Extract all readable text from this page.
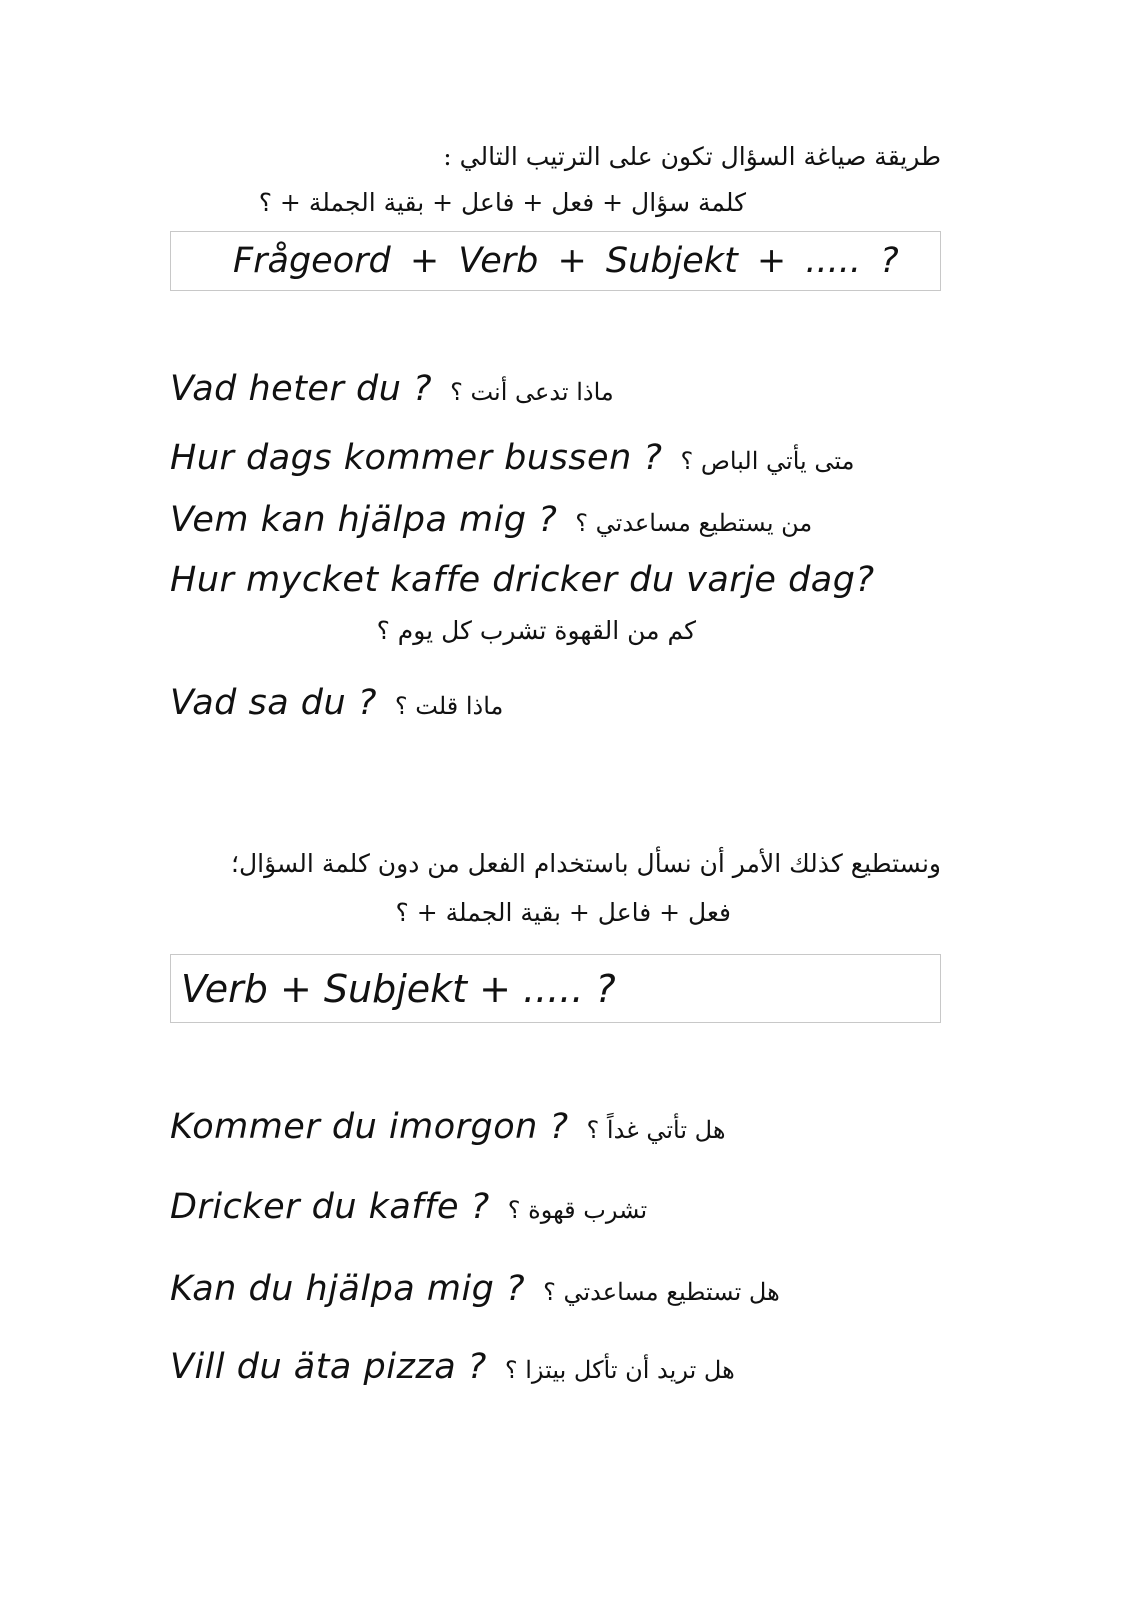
طريقة صياغة السؤال تكون على الترتيب التالي :
كلمة سؤال + فعل + فاعل + بقية الجملة + ؟
Frågeord + Verb + Subjekt + ..... ?
Vad heter du ? ماذا تدعى أنت ؟
Hur dags kommer bussen ? متى يأتي الباص ؟
Vem kan hjälpa mig ? من يستطيع مساعدتي ؟
Hur mycket kaffe dricker du varje dag?
كم من القهوة تشرب كل يوم ؟
Vad sa du ? ماذا قلت ؟
ونستطيع كذلك الأمر أن نسأل باستخدام الفعل من دون كلمة السؤال؛
فعل + فاعل + بقية الجملة + ؟
Verb + Subjekt + ..... ?
Kommer du imorgon ? هل تأتي غداً ؟
Dricker du kaffe ? تشرب قهوة ؟
Kan du hjälpa mig ? هل تستطيع مساعدتي ؟
Vill du äta pizza ? هل تريد أن تأكل بيتزا ؟
